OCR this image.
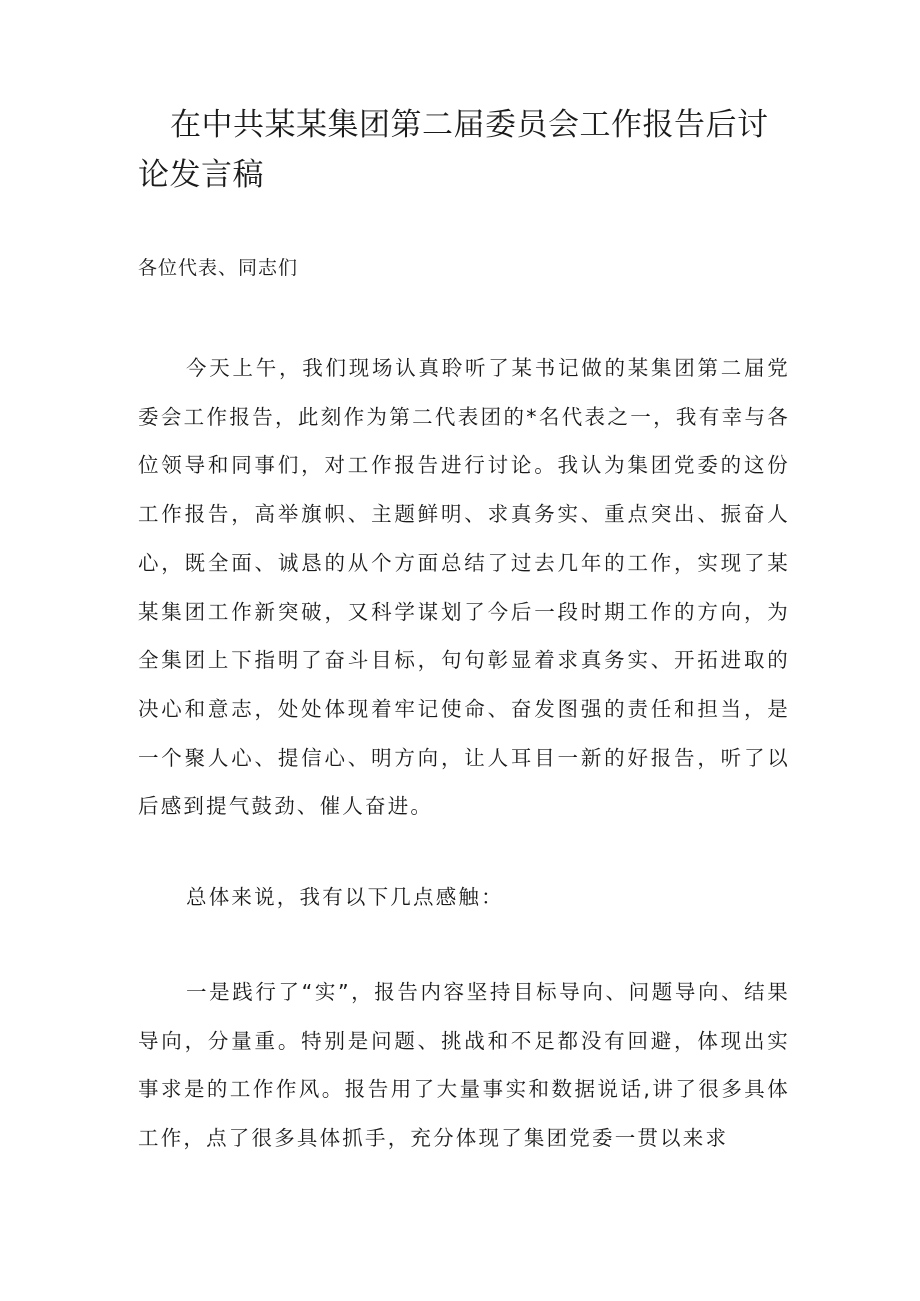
在中共某某集团第二届委员会工作报告后讨论发言稿

各位代表、同志们

今天上午，我们现场认真聆听了某书记做的某集团第二届党委会工作报告，此刻作为第二代表团的*名代表之一，我有幸与各位领导和同事们，对工作报告进行讨论。我认为集团党委的这份工作报告，高举旗帜、主题鲜明、求真务实、重点突出、振奋人心，既全面、诚恳的从个方面总结了过去几年的工作，实现了某某集团工作新突破，又科学谋划了今后一段时期工作的方向，为全集团上下指明了奋斗目标，句句彰显着求真务实、开拓进取的决心和意志，处处体现着牢记使命、奋发图强的责任和担当，是一个聚人心、提信心、明方向，让人耳目一新的好报告，听了以后感到提气鼓劲、催人奋进。

总体来说，我有以下几点感触：

一是践行了“实”，报告内容坚持目标导向、问题导向、结果导向，分量重。特别是问题、挑战和不足都没有回避，体现出实事求是的工作作风。报告用了大量事实和数据说话,讲了很多具体工作，点了很多具体抓手，充分体现了集团党委一贯以来求
